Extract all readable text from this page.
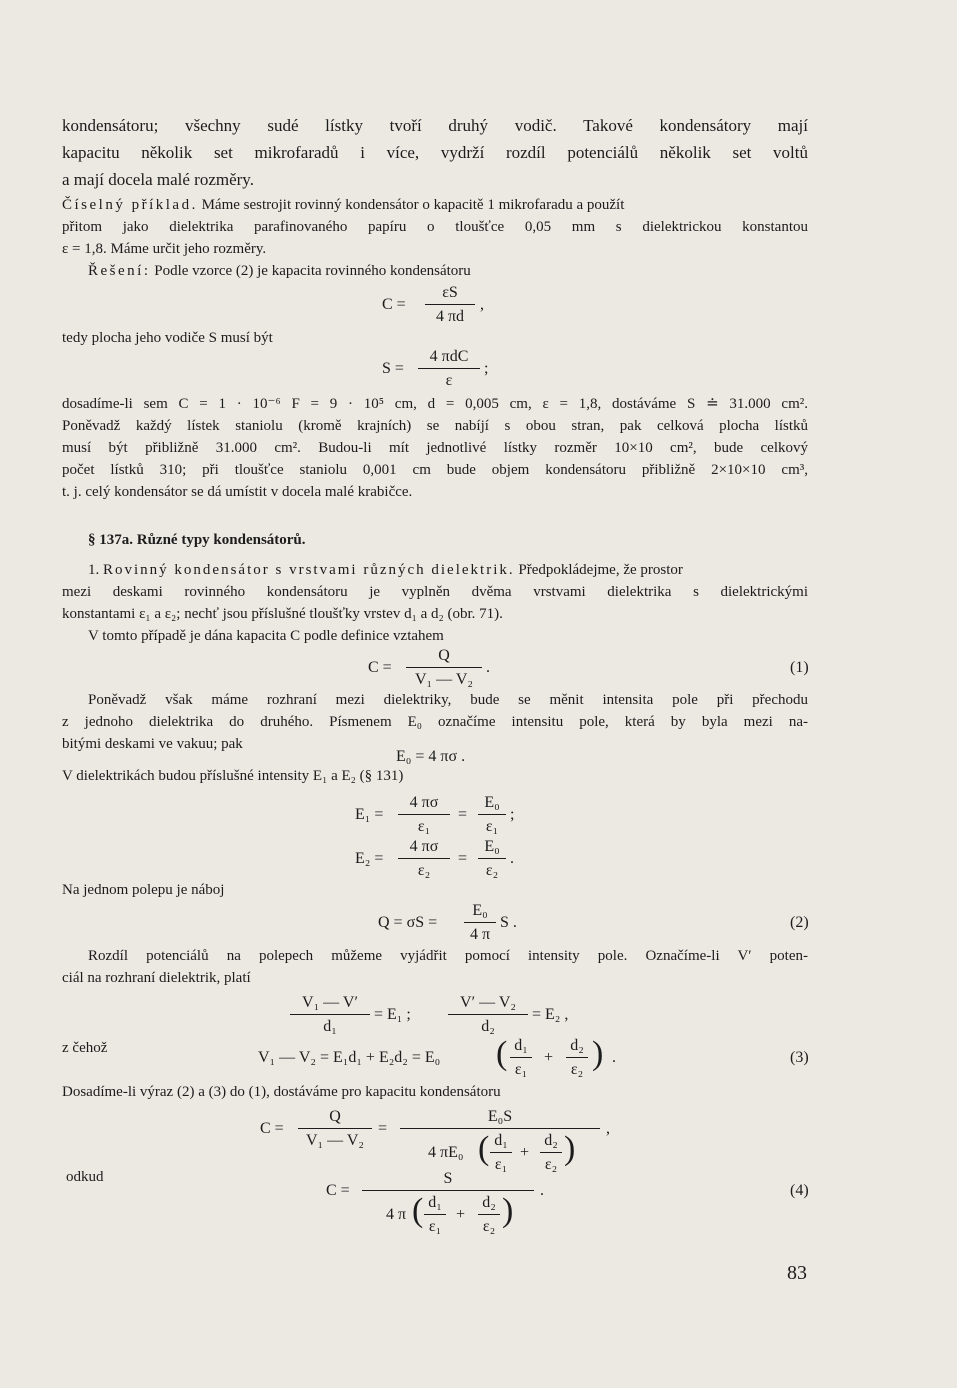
kondensátoru; všechny sudé lístky tvoří druhý vodič. Takové kondensátory mají
kapacitu několik set mikrofaradů i více, vydrží rozdíl potenciálů několik set voltů
a mají docela malé rozměry.
Číselný příklad. Máme sestrojit rovinný kondensátor o kapacitě 1 mikrofaradu a použít
přitom jako dielektrika parafinovaného papíru o tloušťce 0,05 mm s dielektrickou konstantou
ε = 1,8. Máme určit jeho rozměry.
Řešení: Podle vzorce (2) je kapacita rovinného kondensátoru
C =
εS
4 πd
,
tedy plocha jeho vodiče S musí být
S =
4 πdC
ε
;
dosadíme-li sem C = 1 · 10⁻⁶ F = 9 · 10⁵ cm, d = 0,005 cm, ε = 1,8, dostáváme S ≐ 31.000 cm².
Poněvadž každý lístek staniolu (kromě krajních) se nabíjí s obou stran, pak celková plocha lístků
musí být přibližně 31.000 cm². Budou-li mít jednotlivé lístky rozměr 10×10 cm², bude celkový
počet lístků 310; při tloušťce staniolu 0,001 cm bude objem kondensátoru přibližně 2×10×10 cm³,
t. j. celý kondensátor se dá umístit v docela malé krabičce.
§ 137a. Různé typy kondensátorů.
1. Rovinný kondensátor s vrstvami různých dielektrik. Předpokládejme, že prostor
mezi deskami rovinného kondensátoru je vyplněn dvěma vrstvami dielektrika s dielektrickými
konstantami ε₁ a ε₂; nechť jsou příslušné tloušťky vrstev d₁ a d₂ (obr. 71).
V tomto případě je dána kapacita C podle definice vztahem
C =
Q
V₁ — V₂
.	(1)
Poněvadž však máme rozhraní mezi dielektriky, bude se měnit intensita pole při přechodu
z jednoho dielektrika do druhého. Písmenem E₀ označíme intensitu pole, která by byla mezi na-
bitými deskami ve vakuu; pak
E₀ = 4 πσ .
V dielektrikách budou příslušné intensity E₁ a E₂ (§ 131)
E₁ =
4 πσ
ε₁
=
E₀
ε₁
;
E₂ =
4 πσ
ε₂
=
E₀
ε₂
.
Na jednom polepu je náboj
Q = σS =
E₀
4 π
S .	(2)
Rozdíl potenciálů na polepech můžeme vyjádřit pomocí intensity pole. Označíme-li V′ poten-
ciál na rozhraní dielektrik, platí
V₁ — V′
d₁
= E₁ ;
V′ — V₂
d₂
= E₂ ,
z čehož
V₁ — V₂ = E₁d₁ + E₂d₂ = E₀ ( d₁
ε₁
+
d₂
ε₂ ) .	(3)
Dosadíme-li výraz (2) a (3) do (1), dostáváme pro kapacitu kondensátoru
C =
Q
V₁ — V₂
=
E₀S
4 πE₀ ( d₁
ε₁
+
d₂
ε₂ )
,
odkud
C =
S
4 π ( d₁
ε₁
+
d₂
ε₂ )
.	(4)
83
